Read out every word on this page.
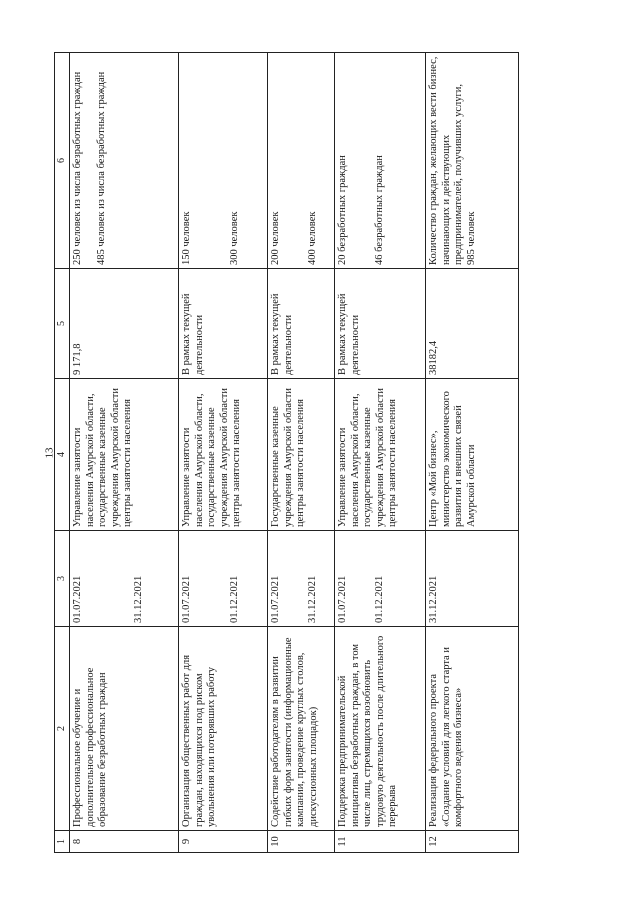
13
1	2	3	4	5	6
8	Профессиональное обучение и дополнительное профессиональное образование безработных граждан	01.07.2021 31.12.2021	Управление занятости населения Амурской области, государственные казенные учреждения Амурской области центры занятости населения	9 171,8	250 человек из числа безработных граждан 485 человек из числа безработных граждан

9	Организация общественных работ для граждан, находящихся под риском увольнения или потерявших работу	01.07.2021 01.12.2021	Управление занятости населения Амурской области, государственные казенные учреждения Амурской области центры занятости населения	В рамках текущей деятельности	150 человек 300 человек

10	Содействие работодателям в развитии гибких форм занятости (информационные кампании, проведение круглых столов, дискуссионных площадок)	01.07.2021 31.12.2021	Государственные казенные учреждения Амурской области центры занятости населения	В рамках текущей деятельности	200 человек 400 человек

11	Поддержка предпринимательской инициативы безработных граждан, в том числе лиц, стремящихся возобновить трудовую деятельность после длительного перерыва	01.07.2021 01.12.2021	Управление занятости населения Амурской области, государственные казенные учреждения Амурской области центры занятости населения	В рамках текущей деятельности	20 безработных граждан 46 безработных граждан

12	Реализация федерального проекта «Создание условий для легкого старта и комфортного ведения бизнеса»	31.12.2021	Центр «Мой бизнес», министерство экономического развития и внешних связей Амурской области	38182,4	Количество граждан, желающих вести бизнес, начинающих и действующих предпринимателей, получивших услуги, 985 человек
